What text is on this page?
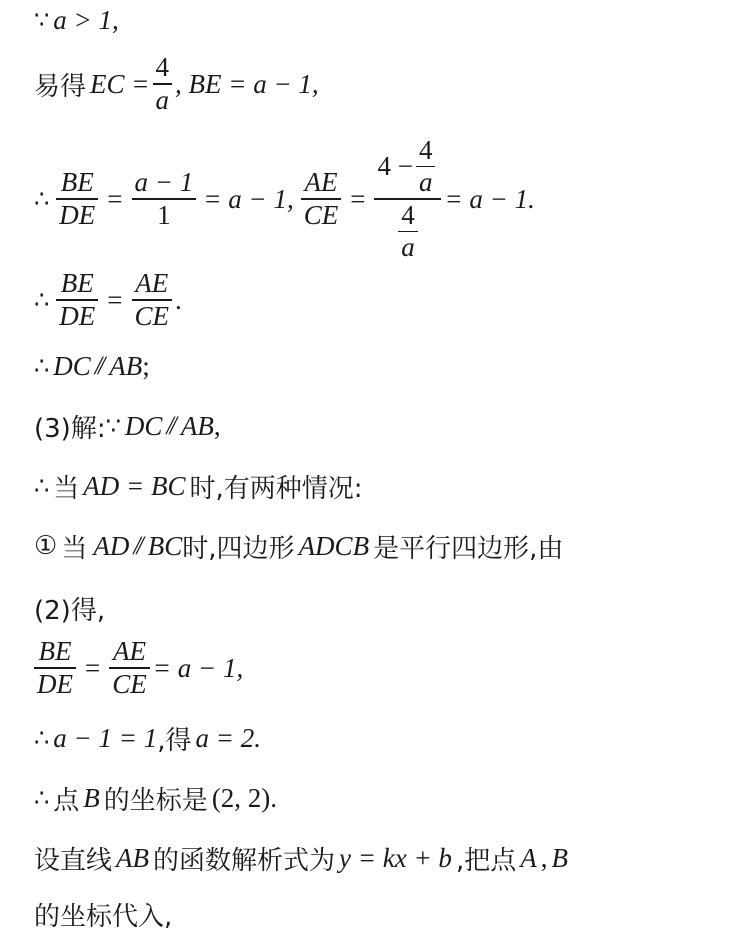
∵ a > 1,
易得 EC = $\frac{4}{a}$ , BE = a − 1,
∴ $\frac{BE}{DE} = \frac{a - 1}{1} = a - 1$, $\frac{AE}{CE} = \frac{4 - \frac{4}{a}}{\frac{4}{a}} = a - 1$.
∴ $\frac{BE}{DE} = \frac{AE}{CE}$ .
∴ DC // AB ;
(3)解: ∵ DC // AB ,
∴ 当 AD = BC 时,有两种情况:
① 当 AD // BC 时,四边形 ADCB 是平行四边形,由
(2)得,
$\frac{BE}{DE} = \frac{AE}{CE} = a - 1$,
∴ a − 1 = 1 ,得 a = 2.
∴ 点 B 的坐标是 (2, 2).
设直线 AB 的函数解析式为 y = kx + b ,把点 A , B
的坐标代入,
